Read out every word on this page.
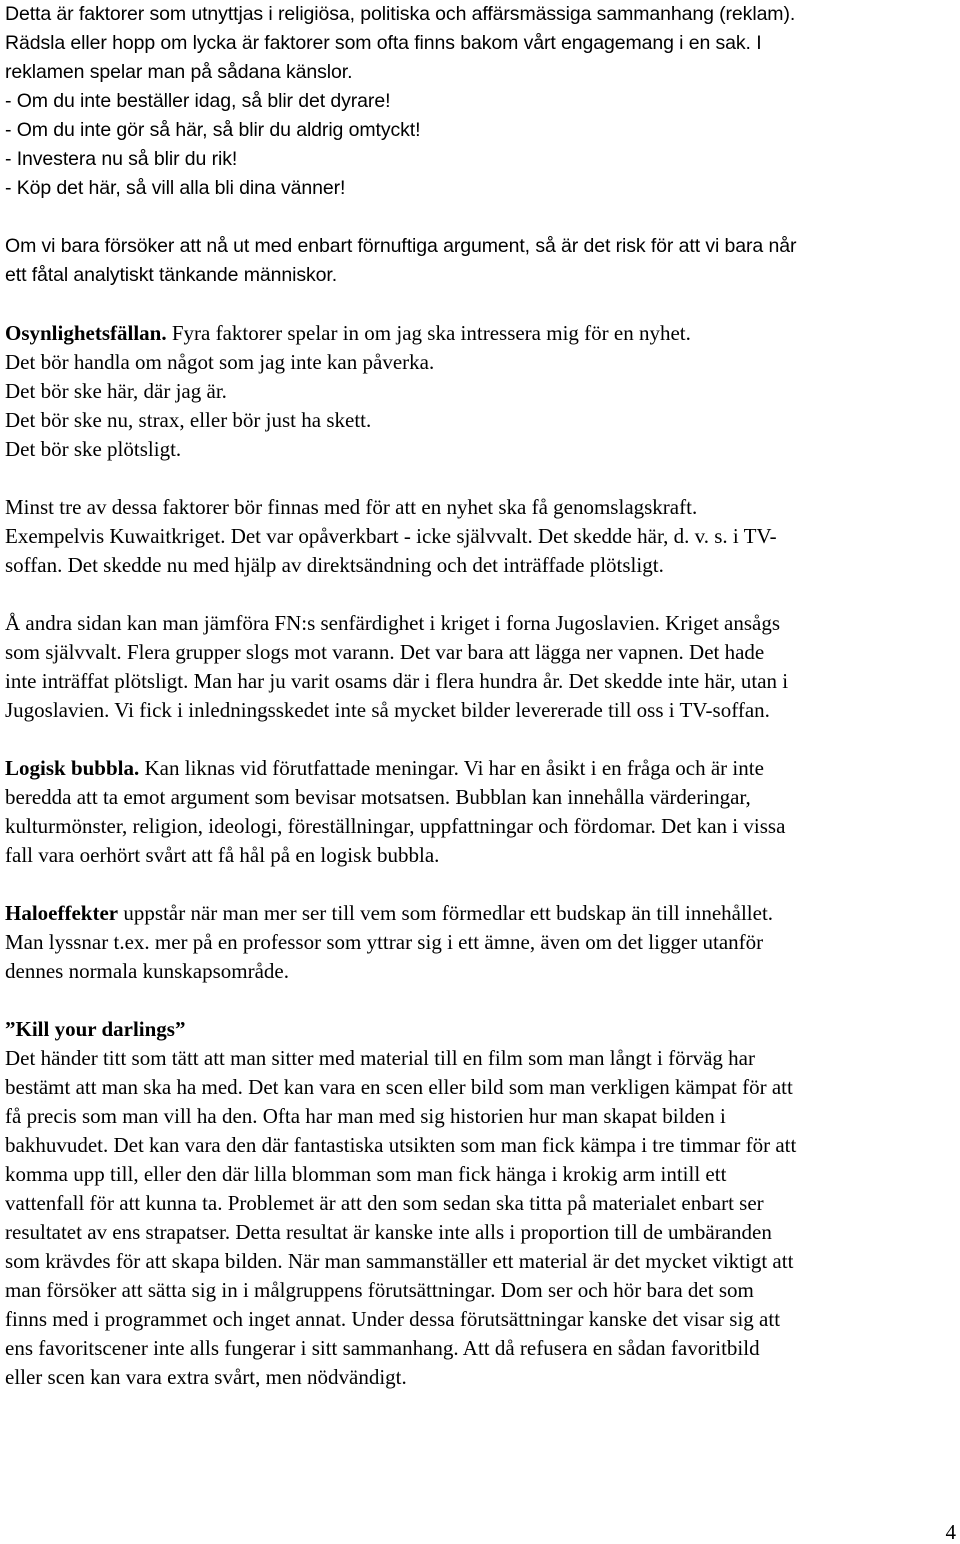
Detta är faktorer som utnyttjas i religiösa, politiska och affärsmässiga sammanhang (reklam).

Rädsla eller hopp om lycka är faktorer som ofta finns bakom vårt engagemang i en sak. I

reklamen spelar man på sådana känslor.

- Om du inte beställer idag, så blir det dyrare!

- Om du inte gör så här, så blir du aldrig omtyckt!

- Investera nu så blir du rik!

- Köp det här, så vill alla bli dina vänner!

Om vi bara försöker att nå ut med enbart förnuftiga argument, så är det risk för att vi bara når

ett fåtal analytiskt tänkande människor.

Osynlighetsfällan. Fyra faktorer spelar in om jag ska intressera mig för en nyhet.

Det bör handla om något som jag inte kan påverka.

Det bör ske här, där jag är.

Det bör ske nu, strax, eller bör just ha skett.

Det bör ske plötsligt.

Minst tre av dessa faktorer bör finnas med för att en nyhet ska få genomslagskraft.

Exempelvis Kuwaitkriget. Det var opåverkbart - icke självvalt. Det skedde här, d. v. s. i TV-

soffan. Det skedde nu med hjälp av direktsändning och det inträffade plötsligt.

Å andra sidan kan man jämföra FN:s senfärdighet i kriget i forna Jugoslavien. Kriget ansågs

som självvalt. Flera grupper slogs mot varann. Det var bara att lägga ner vapnen. Det hade

inte inträffat plötsligt. Man har ju varit osams där i flera hundra år. Det skedde inte här, utan i

Jugoslavien. Vi fick i inledningsskedet inte så mycket bilder levererade till oss i TV-soffan.

Logisk bubbla. Kan liknas vid förutfattade meningar. Vi har en åsikt i en fråga och är inte

beredda att ta emot argument som bevisar motsatsen. Bubblan kan innehålla värderingar,

kulturmönster, religion, ideologi, föreställningar, uppfattningar och fördomar. Det kan i vissa

fall vara oerhört svårt att få hål på en logisk bubbla.

Haloeffekter uppstår när man mer ser till vem som förmedlar ett budskap än till innehållet.

Man lyssnar t.ex. mer på en professor som yttrar sig i ett ämne, även om det ligger utanför

dennes normala kunskapsområde.

”Kill your darlings”

Det händer titt som tätt att man sitter med material till en film som man långt i förväg har

bestämt att man ska ha med. Det kan vara en scen eller bild som man verkligen kämpat för att

få precis som man vill ha den. Ofta har man med sig historien hur man skapat bilden i

bakhuvudet. Det kan vara den där fantastiska utsikten som man fick kämpa i tre timmar för att

komma upp till, eller den där lilla blomman som man fick hänga i krokig arm intill ett

vattenfall för att kunna ta. Problemet är att den som sedan ska titta på materialet enbart ser

resultatet av ens strapatser. Detta resultat är kanske inte alls i proportion till de umbäranden

som krävdes för att skapa bilden. När man sammanställer ett material är det mycket viktigt att

man försöker att sätta sig in i målgruppens förutsättningar. Dom ser och hör bara det som

finns med i programmet och inget annat. Under dessa förutsättningar kanske det visar sig att

ens favoritscener inte alls fungerar i sitt sammanhang. Att då refusera en sådan favoritbild

eller scen kan vara extra svårt, men nödvändigt.

4
